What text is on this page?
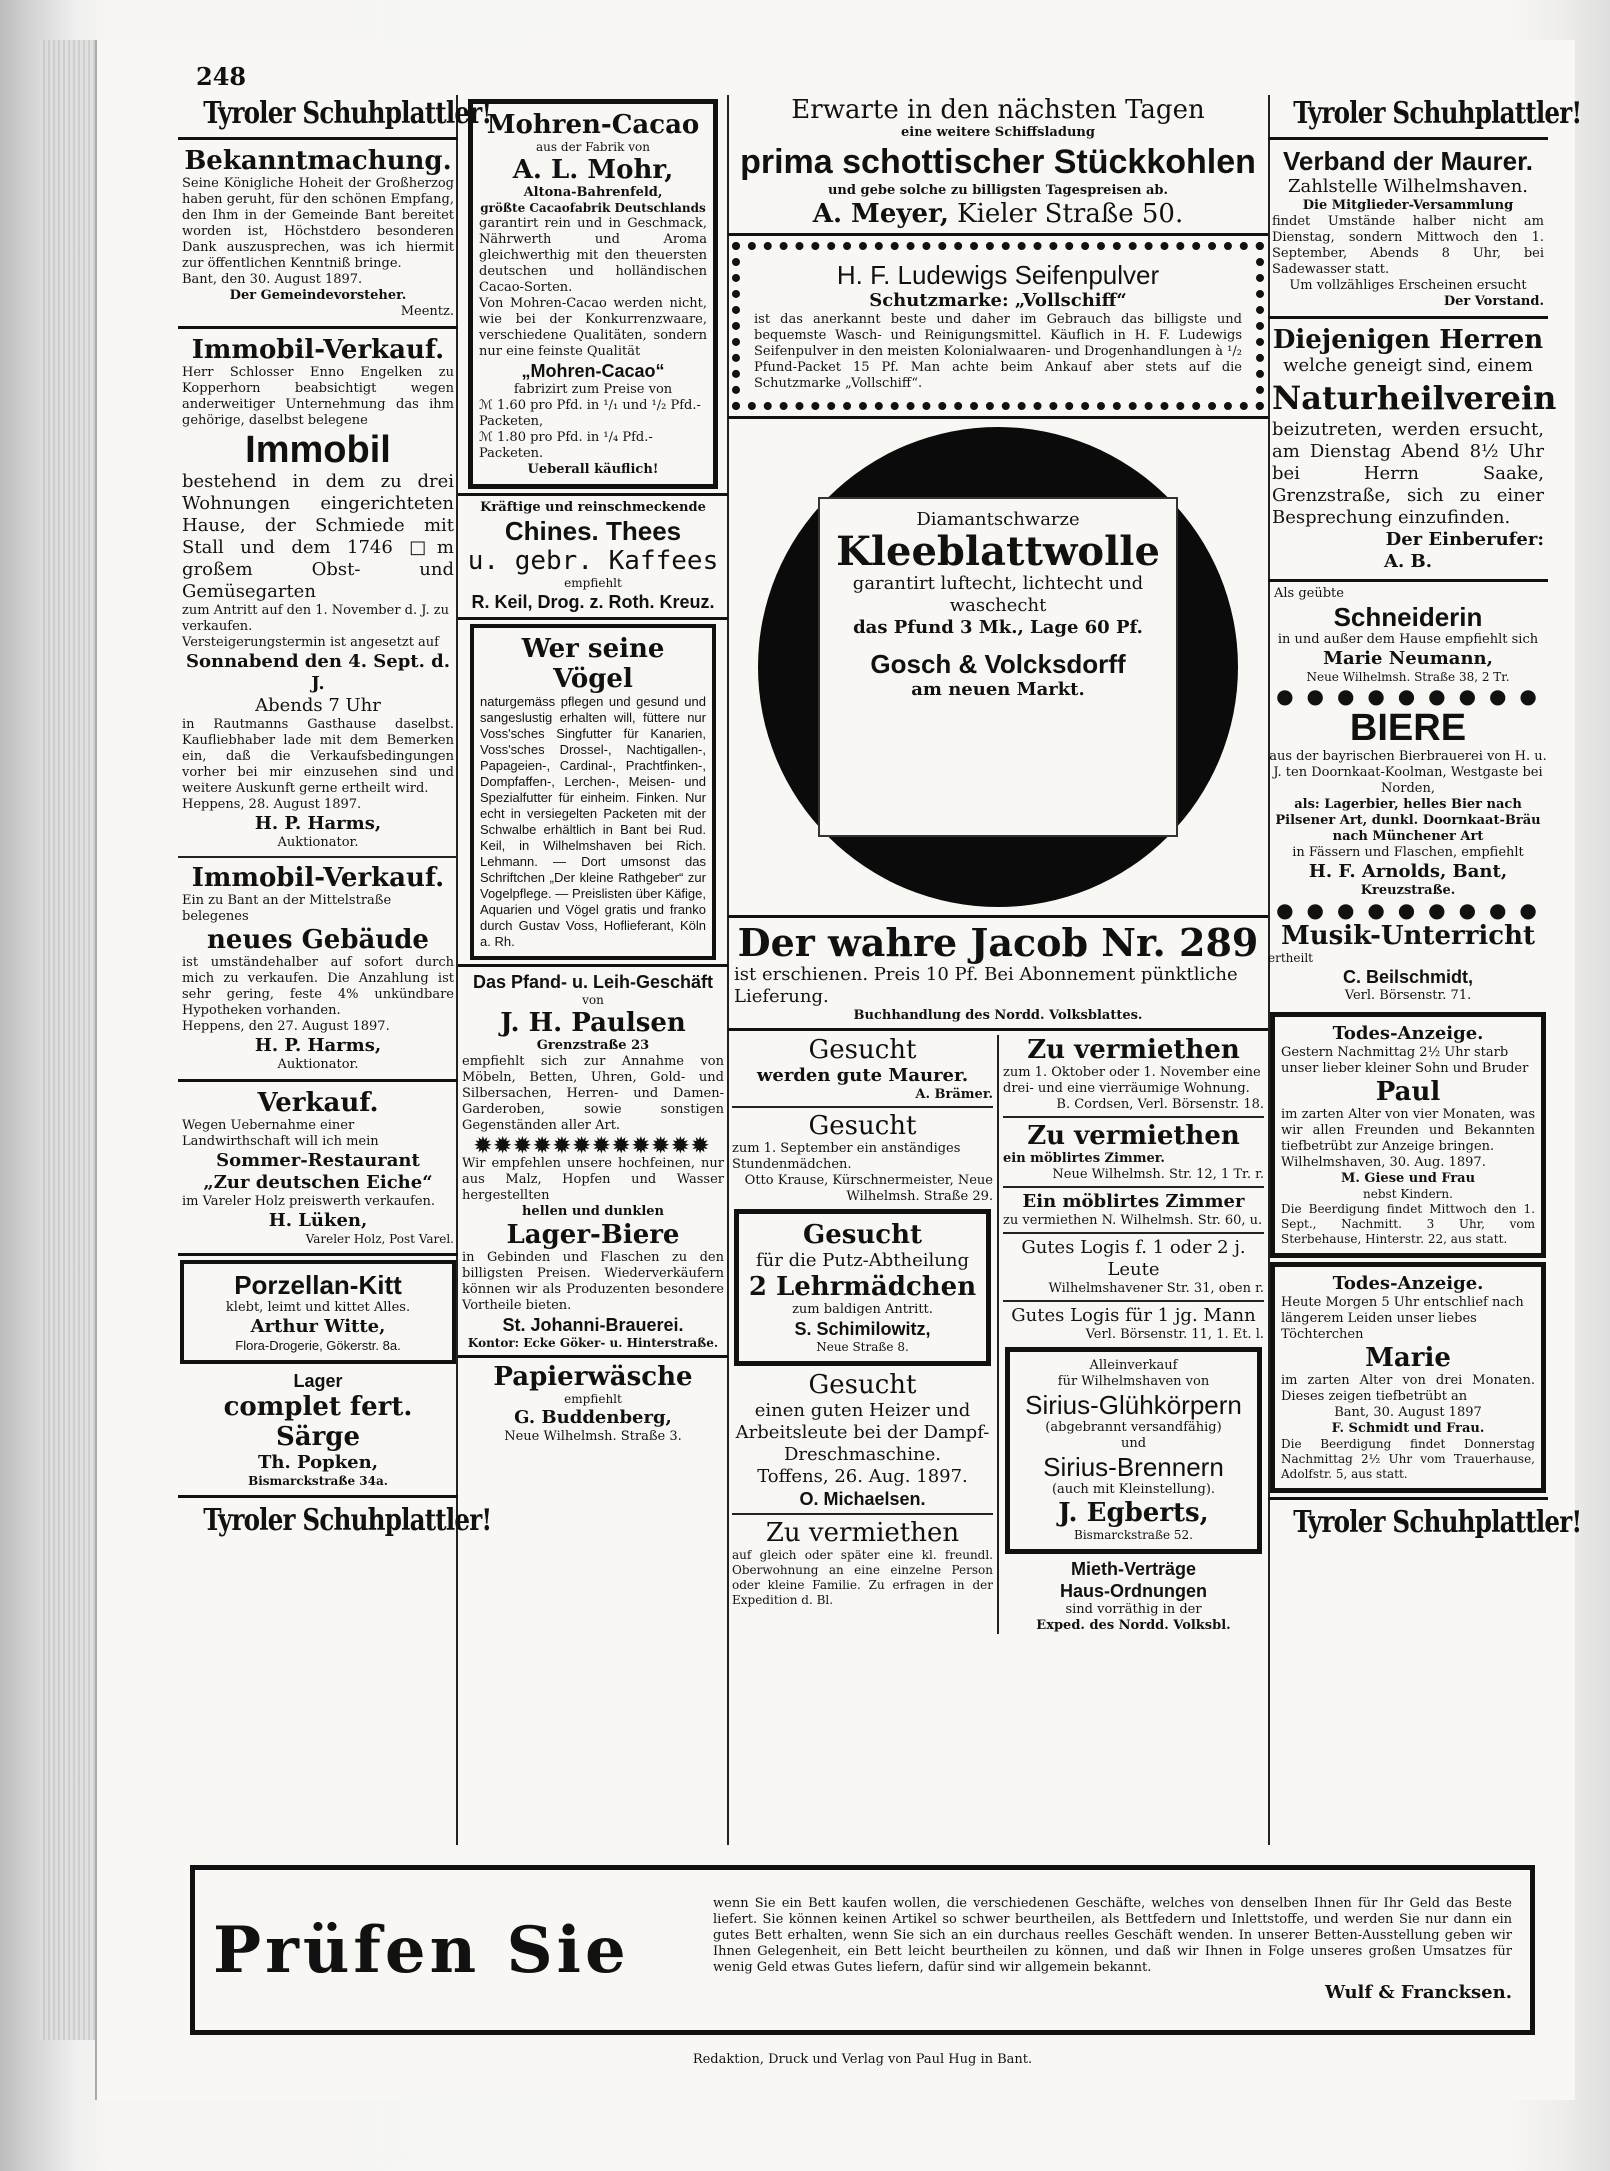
248
Tyroler Schuhplattler!
Bekanntmachung.
Seine Königliche Hoheit der Großherzog haben geruht, für den schönen Empfang, den Ihm in der Gemeinde Bant bereitet worden ist, Höchstdero besonderen Dank auszusprechen, was ich hiermit zur öffentlichen Kenntniß bringe.
Bant, den 30. August 1897.
Der Gemeindevorsteher.
Meentz.
Immobil-Verkauf.
Herr Schlosser Enno Engelken zu Kopperhorn beabsichtigt wegen anderweitiger Unternehmung das ihm gehörige, daselbst belegene
Immobil
bestehend in dem zu drei Wohnungen eingerichteten Hause, der Schmiede mit Stall und dem 1746 □m großem Obst- und Gemüsegarten
zum Antritt auf den 1. November d. J. zu verkaufen.
Versteigerungstermin ist angesetzt auf
Sonnabend den 4. Sept. d. J.
Abends 7 Uhr
in Rautmanns Gasthause daselbst. Kaufliebhaber lade mit dem Bemerken ein, daß die Verkaufsbedingungen vorher bei mir einzusehen sind und weitere Auskunft gerne ertheilt wird.
Heppens, 28. August 1897.
H. P. Harms,
Auktionator.
Immobil-Verkauf.
Ein zu Bant an der Mittelstraße belegenes
neues Gebäude
ist umständehalber auf sofort durch mich zu verkaufen. Die Anzahlung ist sehr gering, feste 4% unkündbare Hypotheken vorhanden.
Heppens, den 27. August 1897.
H. P. Harms,
Auktionator.
Verkauf.
Wegen Uebernahme einer Landwirthschaft will ich mein
Sommer-Restaurant
„Zur deutschen Eiche“
im Vareler Holz preiswerth verkaufen.
H. Lüken,
Vareler Holz, Post Varel.
Porzellan-Kitt
klebt, leimt und kittet Alles.
Arthur Witte,
Flora-Drogerie, Gökerstr. 8a.
Lager
complet fert. Särge
Th. Popken,
Bismarckstraße 34a.
Tyroler Schuhplattler!
Mohren-Cacao
aus der Fabrik von
A. L. Mohr,
Altona-Bahrenfeld,
größte Cacaofabrik Deutschlands
garantirt rein und in Geschmack, Nährwerth und Aroma gleichwerthig mit den theuersten deutschen und holländischen Cacao-Sorten.
Von Mohren-Cacao werden nicht, wie bei der Konkurrenzwaare, verschiedene Qualitäten, sondern nur eine feinste Qualität
„Mohren-Cacao“
fabrizirt zum Preise von
ℳ 1.60 pro Pfd. in ¹/₁ und ¹/₂ Pfd.-Packeten,
ℳ 1.80 pro Pfd. in ¹/₄ Pfd.-Packeten.
Ueberall käuflich!
Kräftige und reinschmeckende
Chines. Thees
u. gebr. Kaffees
empfiehlt
R. Keil, Drog. z. Roth. Kreuz.
Wer seine Vögel
naturgemäss pflegen und gesund und sangeslustig erhalten will, füttere nur Voss'sches Singfutter für Kanarien, Voss'sches Drossel-, Nachtigallen-, Papageien-, Cardinal-, Prachtfinken-, Dompfaffen-, Lerchen-, Meisen- und Spezialfutter für einheim. Finken. Nur echt in versiegelten Packeten mit der Schwalbe erhältlich in Bant bei Rud. Keil, in Wilhelmshaven bei Rich. Lehmann. — Dort umsonst das Schriftchen „Der kleine Rathgeber“ zur Vogelpflege. — Preislisten über Käfige, Aquarien und Vögel gratis und franko durch Gustav Voss, Hoflieferant, Köln a. Rh.
Das Pfand- u. Leih-Geschäft
von
J. H. Paulsen
Grenzstraße 23
empfiehlt sich zur Annahme von Möbeln, Betten, Uhren, Gold- und Silbersachen, Herren- und Damen-Garderoben, sowie sonstigen Gegenständen aller Art.
✹✹✹✹✹✹✹✹✹✹✹✹
Wir empfehlen unsere hochfeinen, nur aus Malz, Hopfen und Wasser hergestellten
hellen und dunklen
Lager-Biere
in Gebinden und Flaschen zu den billigsten Preisen. Wiederverkäufern können wir als Produzenten besondere Vortheile bieten.
St. Johanni-Brauerei.
Kontor: Ecke Göker- u. Hinterstraße.
Papierwäsche
empfiehlt
G. Buddenberg,
Neue Wilhelmsh. Straße 3.
Erwarte in den nächsten Tagen
eine weitere Schiffsladung
prima schottischer Stückkohlen
und gebe solche zu billigsten Tagespreisen ab.
A. Meyer, Kieler Straße 50.
H. F. Ludewigs Seifenpulver
Schutzmarke: „Vollschiff“
ist das anerkannt beste und daher im Gebrauch das billigste und bequemste Wasch- und Reinigungsmittel. Käuflich in H. F. Ludewigs Seifenpulver in den meisten Kolonialwaaren- und Drogenhandlungen à ¹/₂ Pfund-Packet 15 Pf. Man achte beim Ankauf aber stets auf die Schutzmarke „Vollschiff“.
Diamantschwarze
Kleeblattwolle
garantirt luftecht, lichtecht und waschecht
das Pfund 3 Mk., Lage 60 Pf.
Gosch & Volcksdorff
am neuen Markt.
Der wahre Jacob Nr. 289
ist erschienen. Preis 10 Pf. Bei Abonnement pünktliche Lieferung.
Buchhandlung des Nordd. Volksblattes.
Gesucht
werden gute Maurer.
A. Brämer.
Gesucht
zum 1. September ein anständiges Stundenmädchen.
Otto Krause, Kürschnermeister, Neue Wilhelmsh. Straße 29.
Gesucht
für die Putz-Abtheilung
2 Lehrmädchen
zum baldigen Antritt.
S. Schimilowitz,
Neue Straße 8.
Gesucht
einen guten Heizer und Arbeitsleute bei der Dampf-Dreschmaschine.
Toffens, 26. Aug. 1897.
O. Michaelsen.
Zu vermiethen
auf gleich oder später eine kl. freundl. Oberwohnung an eine einzelne Person oder kleine Familie. Zu erfragen in der Expedition d. Bl.
Zu vermiethen
zum 1. Oktober oder 1. November eine drei- und eine vierräumige Wohnung.
B. Cordsen, Verl. Börsenstr. 18.
Zu vermiethen
ein möblirtes Zimmer.
Neue Wilhelmsh. Str. 12, 1 Tr. r.
Ein möblirtes Zimmer
zu vermiethen N. Wilhelmsh. Str. 60, u.
Gutes Logis f. 1 oder 2 j. Leute
Wilhelmshavener Str. 31, oben r.
Gutes Logis für 1 jg. Mann
Verl. Börsenstr. 11, 1. Et. l.
Alleinverkauf
für Wilhelmshaven von
Sirius-Glühkörpern
(abgebrannt versandfähig)
und
Sirius-Brennern
(auch mit Kleinstellung).
J. Egberts,
Bismarckstraße 52.
Mieth-Verträge
Haus-Ordnungen
sind vorräthig in der
Exped. des Nordd. Volksbl.
Tyroler Schuhplattler!
Verband der Maurer.
Zahlstelle Wilhelmshaven.
Die Mitglieder-Versammlung
findet Umstände halber nicht am Dienstag, sondern Mittwoch den 1. September, Abends 8 Uhr, bei Sadewasser statt.
Um vollzähliges Erscheinen ersucht
Der Vorstand.
Diejenigen Herren
welche geneigt sind, einem
Naturheilverein
beizutreten, werden ersucht, am Dienstag Abend 8½ Uhr bei Herrn Saake, Grenzstraße, sich zu einer Besprechung einzufinden.
Der Einberufer:
A. B.
Als geübte
Schneiderin
in und außer dem Hause empfiehlt sich
Marie Neumann,
Neue Wilhelmsh. Straße 38, 2 Tr.
● ● ● ● ● ● ● ● ●
BIERE
aus der bayrischen Bierbrauerei von H. u. J. ten Doornkaat-Koolman, Westgaste bei Norden,
als: Lagerbier, helles Bier nach Pilsener Art, dunkl. Doornkaat-Bräu nach Münchener Art
in Fässern und Flaschen, empfiehlt
H. F. Arnolds, Bant,
Kreuzstraße.
● ● ● ● ● ● ● ● ●
Musik-Unterricht
ertheilt
C. Beilschmidt,
Verl. Börsenstr. 71.
Todes-Anzeige.
Gestern Nachmittag 2½ Uhr starb unser lieber kleiner Sohn und Bruder
Paul
im zarten Alter von vier Monaten, was wir allen Freunden und Bekannten tiefbetrübt zur Anzeige bringen.
Wilhelmshaven, 30. Aug. 1897.
M. Giese und Frau
nebst Kindern.
Die Beerdigung findet Mittwoch den 1. Sept., Nachmitt. 3 Uhr, vom Sterbehause, Hinterstr. 22, aus statt.
Todes-Anzeige.
Heute Morgen 5 Uhr entschlief nach längerem Leiden unser liebes Töchterchen
Marie
im zarten Alter von drei Monaten. Dieses zeigen tiefbetrübt an
Bant, 30. August 1897
F. Schmidt und Frau.
Die Beerdigung findet Donnerstag Nachmittag 2½ Uhr vom Trauerhause, Adolfstr. 5, aus statt.
Tyroler Schuhplattler!
Prüfen Sie
wenn Sie ein Bett kaufen wollen, die verschiedenen Geschäfte, welches von denselben Ihnen für Ihr Geld das Beste liefert. Sie können keinen Artikel so schwer beurtheilen, als Bettfedern und Inlettstoffe, und werden Sie nur dann ein gutes Bett erhalten, wenn Sie sich an ein durchaus reelles Geschäft wenden. In unserer Betten-Ausstellung geben wir Ihnen Gelegenheit, ein Bett leicht beurtheilen zu können, und daß wir Ihnen in Folge unseres großen Umsatzes für wenig Geld etwas Gutes liefern, dafür sind wir allgemein bekannt.
Wulf & Francksen.
Redaktion, Druck und Verlag von Paul Hug in Bant.
